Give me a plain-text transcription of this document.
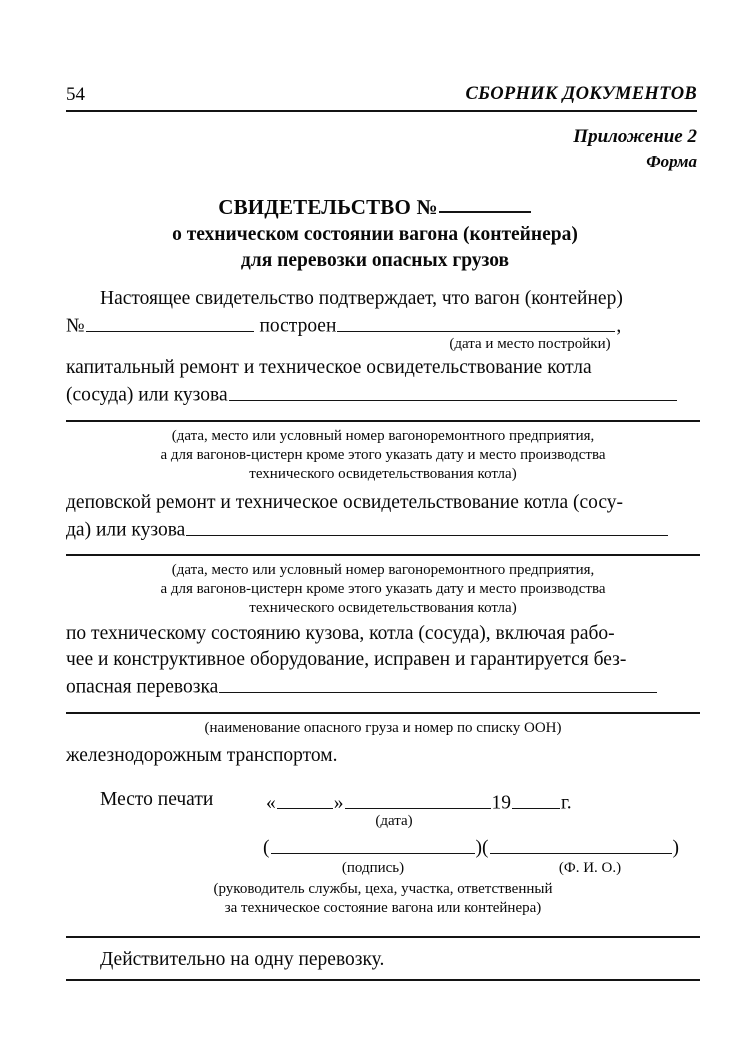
54	СБОРНИК ДОКУМЕНТОВ
Приложение 2
Форма
СВИДЕТЕЛЬСТВО №
о техническом состоянии вагона (контейнера)
для перевозки опасных грузов
Настоящее свидетельство подтверждает, что вагон (контейнер)
№	построен	,
(дата и место постройки)
капитальный ремонт и техническое освидетельствование котла
(сосуда) или кузова
(дата, место или условный номер вагоноремонтного предприятия,
а для вагонов-цистерн кроме этого указать дату и место производства
технического освидетельствования котла)
деповской ремонт и техническое освидетельствование котла (сосу-
да) или кузова
(дата, место или условный номер вагоноремонтного предприятия,
а для вагонов-цистерн кроме этого указать дату и место производства
технического освидетельствования котла)
по техническому состоянию кузова, котла (сосуда), включая рабо-
чее и конструктивное оборудование, исправен и гарантируется без-
опасная перевозка
(наименование опасного груза и номер по списку ООН)
железнодорожным транспортом.
Место печати	«	»	19	г.
(дата)
(	)(	)
(подпись)	(Ф. И. О.)
(руководитель службы, цеха, участка, ответственный
за техническое состояние вагона или контейнера)
Действительно на одну перевозку.
